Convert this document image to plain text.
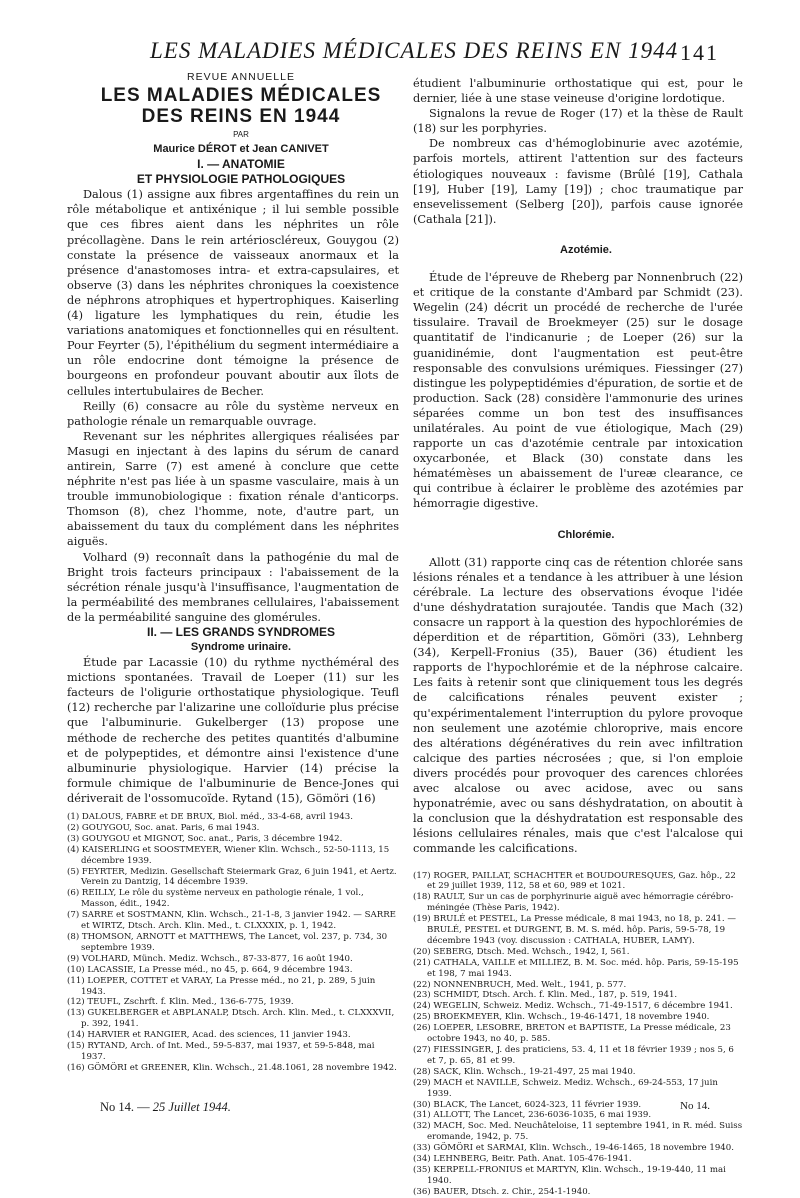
LES MALADIES MÉDICALES DES REINS EN 1944 141

REVUE ANNUELLE

LES MALADIES MÉDICALES

DES REINS EN 1944

PAR

Maurice DÉROT et Jean CANIVET

I. — ANATOMIE

ET PHYSIOLOGIE PATHOLOGIQUES

Dalous (1) assigne aux fibres argentaffines du rein un rôle métabolique et antixénique ; il lui semble possible que ces fibres aient dans les néphrites un rôle précollagène. Dans le rein artérioscléreux, Gouygou (2) constate la présence de vaisseaux anormaux et la présence d'anastomoses intra- et extra-capsulaires, et observe (3) dans les néphrites chroniques la coexistence de néphrons atrophiques et hypertrophiques. Kaiserling (4) ligature les lymphatiques du rein, étudie les variations anatomiques et fonctionnelles qui en résultent. Pour Feyrter (5), l'épithélium du segment intermédiaire a un rôle endocrine dont témoigne la présence de bourgeons en profondeur pouvant aboutir aux îlots de cellules intertubulaires de Becher.

Reilly (6) consacre au rôle du système nerveux en pathologie rénale un remarquable ouvrage.

Revenant sur les néphrites allergiques réalisées par Masugi en injectant à des lapins du sérum de canard antirein, Sarre (7) est amené à conclure que cette néphrite n'est pas liée à un spasme vasculaire, mais à un trouble immunobiologique : fixation rénale d'anticorps. Thomson (8), chez l'homme, note, d'autre part, un abaissement du taux du complément dans les néphrites aiguës.

Volhard (9) reconnaît dans la pathogénie du mal de Bright trois facteurs principaux : l'abaissement de la sécrétion rénale jusqu'à l'insuffisance, l'augmentation de la perméabilité des membranes cellulaires, l'abaissement de la perméabilité sanguine des glomérules.

II. — LES GRANDS SYNDROMES

Syndrome urinaire.

Étude par Lacassie (10) du rythme nycthéméral des mictions spontanées. Travail de Loeper (11) sur les facteurs de l'oligurie orthostatique physiologique. Teufl (12) recherche par l'alizarine une colloïdurie plus précise que l'albuminurie. Gukelberger (13) propose une méthode de recherche des petites quantités d'albumine et de polypeptides, et démontre ainsi l'existence d'une albuminurie physiologique. Harvier (14) précise la formule chimique de l'albuminurie de Bence-Jones qui dériverait de l'ossomucoïde. Rytand (15), Gömöri (16)

(1) DALOUS, FABRE et DE BRUX, Biol. méd., 33-4-68, avril 1943.
(2) GOUYGOU, Soc. anat. Paris, 6 mai 1943.
(3) GOUYGOU et MIGNOT, Soc. anat., Paris, 3 décembre 1942.
(4) KAISERLING et SOOSTMEYER, Wiener Klin. Wchsch., 52-50-1113, 15 décembre 1939.
(5) FEYRTER, Medizin. Gesellschaft Steiermark Graz, 6 juin 1941, et Aertz. Verein zu Dantzig, 14 décembre 1939.
(6) REILLY, Le rôle du système nerveux en pathologie rénale, 1 vol., Masson, édit., 1942.
(7) SARRE et SOSTMANN, Klin. Wchsch., 21-1-8, 3 janvier 1942. — SARRE et WIRTZ, Dtsch. Arch. Klin. Med., t. CLXXXIX, p. 1, 1942.
(8) THOMSON, ARNOTT et MATTHEWS, The Lancet, vol. 237, p. 734, 30 septembre 1939.
(9) VOLHARD, Münch. Mediz. Wchsch., 87-33-877, 16 août 1940.
(10) LACASSIE, La Presse méd., no 45, p. 664, 9 décembre 1943.
(11) LOEPER, COTTET et VARAY, La Presse méd., no 21, p. 289, 5 juin 1943.
(12) TEUFL, Zschrft. f. Klin. Med., 136-6-775, 1939.
(13) GUKELBERGER et ABPLANALP, Dtsch. Arch. Klin. Med., t. CLXXXVII, p. 392, 1941.
(14) HARVIER et RANGIER, Acad. des sciences, 11 janvier 1943.
(15) RYTAND, Arch. of Int. Med., 59-5-837, mai 1937, et 59-5-848, mai 1937.
(16) GÖMÖRI et GREENER, Klin. Wchsch., 21.48.1061, 28 novembre 1942.

étudient l'albuminurie orthostatique qui est, pour le dernier, liée à une stase veineuse d'origine lordotique.

Signalons la revue de Roger (17) et la thèse de Rault (18) sur les porphyries.

De nombreux cas d'hémoglobinurie avec azotémie, parfois mortels, attirent l'attention sur des facteurs étiologiques nouveaux : favisme (Brûlé [19], Cathala [19], Huber [19], Lamy [19]) ; choc traumatique par ensevelissement (Selberg [20]), parfois cause ignorée (Cathala [21]).

Azotémie.

Étude de l'épreuve de Rheberg par Nonnenbruch (22) et critique de la constante d'Ambard par Schmidt (23). Wegelin (24) décrit un procédé de recherche de l'urée tissulaire. Travail de Broekmeyer (25) sur le dosage quantitatif de l'indicanurie ; de Loeper (26) sur la guanidinémie, dont l'augmentation est peut-être responsable des convulsions urémiques. Fiessinger (27) distingue les polypeptidémies d'épuration, de sortie et de production. Sack (28) considère l'ammonurie des urines séparées comme un bon test des insuffisances unilatérales. Au point de vue étiologique, Mach (29) rapporte un cas d'azotémie centrale par intoxication oxycarbonée, et Black (30) constate dans les hématémèses un abaissement de l'ureæ clearance, ce qui contribue à éclairer le problème des azotémies par hémorragie digestive.

Chlorémie.

Allott (31) rapporte cinq cas de rétention chlorée sans lésions rénales et a tendance à les attribuer à une lésion cérébrale. La lecture des observations évoque l'idée d'une déshydratation surajoutée. Tandis que Mach (32) consacre un rapport à la question des hypochlorémies de déperdition et de répartition, Gömöri (33), Lehnberg (34), Kerpell-Fronius (35), Bauer (36) étudient les rapports de l'hypochlorémie et de la néphrose calcaire. Les faits à retenir sont que cliniquement tous les degrés de calcifications rénales peuvent exister ; qu'expérimentalement l'interruption du pylore provoque non seulement une azotémie chloroprive, mais encore des altérations dégénératives du rein avec infiltration calcique des parties nécrosées ; que, si l'on emploie divers procédés pour provoquer des carences chlorées avec alcalose ou avec acidose, avec ou sans hyponatrémie, avec ou sans déshydratation, on aboutit à la conclusion que la déshydratation est responsable des lésions cellulaires rénales, mais que c'est l'alcalose qui commande les calcifications.

(17) ROGER, PAILLAT, SCHACHTER et BOUDOURESQUES, Gaz. hôp., 22 et 29 juillet 1939, 112, 58 et 60, 989 et 1021.
(18) RAULT, Sur un cas de porphyrinurie aiguë avec hémorragie cérébro-méningée (Thèse Paris, 1942).
(19) BRULÉ et PESTEL, La Presse médicale, 8 mai 1943, no 18, p. 241. — BRULÉ, PESTEL et DURGENT, B. M. S. méd. hôp. Paris, 59-5-78, 19 décembre 1943 (voy. discussion : CATHALA, HUBER, LAMY).
(20) SEBERG, Dtsch. Med. Wchsch., 1942, I, 561.
(21) CATHALA, VAILLE et MILLIEZ, B. M. Soc. méd. hôp. Paris, 59-15-195 et 198, 7 mai 1943.
(22) NONNENBRUCH, Med. Welt., 1941, p. 577.
(23) SCHMIDT, Dtsch. Arch. f. Klin. Med., 187, p. 519, 1941.
(24) WEGELIN, Schweiz. Mediz. Wchsch., 71-49-1517, 6 décembre 1941.
(25) BROEKMEYER, Klin. Wchsch., 19-46-1471, 18 novembre 1940.
(26) LOEPER, LESOBRE, BRETON et BAPTISTE, La Presse médicale, 23 octobre 1943, no 40, p. 585.
(27) FIESSINGER, J. des praticiens, 53. 4, 11 et 18 février 1939 ; nos 5, 6 et 7, p. 65, 81 et 99.
(28) SACK, Klin. Wchsch., 19-21-497, 25 mai 1940.
(29) MACH et NAVILLE, Schweiz. Mediz. Wchsch., 69-24-553, 17 juin 1939.
(30) BLACK, The Lancet, 6024-323, 11 février 1939.
(31) ALLOTT, The Lancet, 236-6036-1035, 6 mai 1939.
(32) MACH, Soc. Med. Neuchâteloise, 11 septembre 1941, in R. méd. Suiss eromande, 1942, p. 75.
(33) GÖMÖRI et SARMAI, Klin. Wchsch., 19-46-1465, 18 novembre 1940.
(34) LEHNBERG, Beitr. Path. Anat. 105-476-1941.
(35) KERPELL-FRONIUS et MARTYN, Klin. Wchsch., 19-19-440, 11 mai 1940.
(36) BAUER, Dtsch. z. Chir., 254-1-1940.
No 14. — 25 Juillet 1944.	No 14.
